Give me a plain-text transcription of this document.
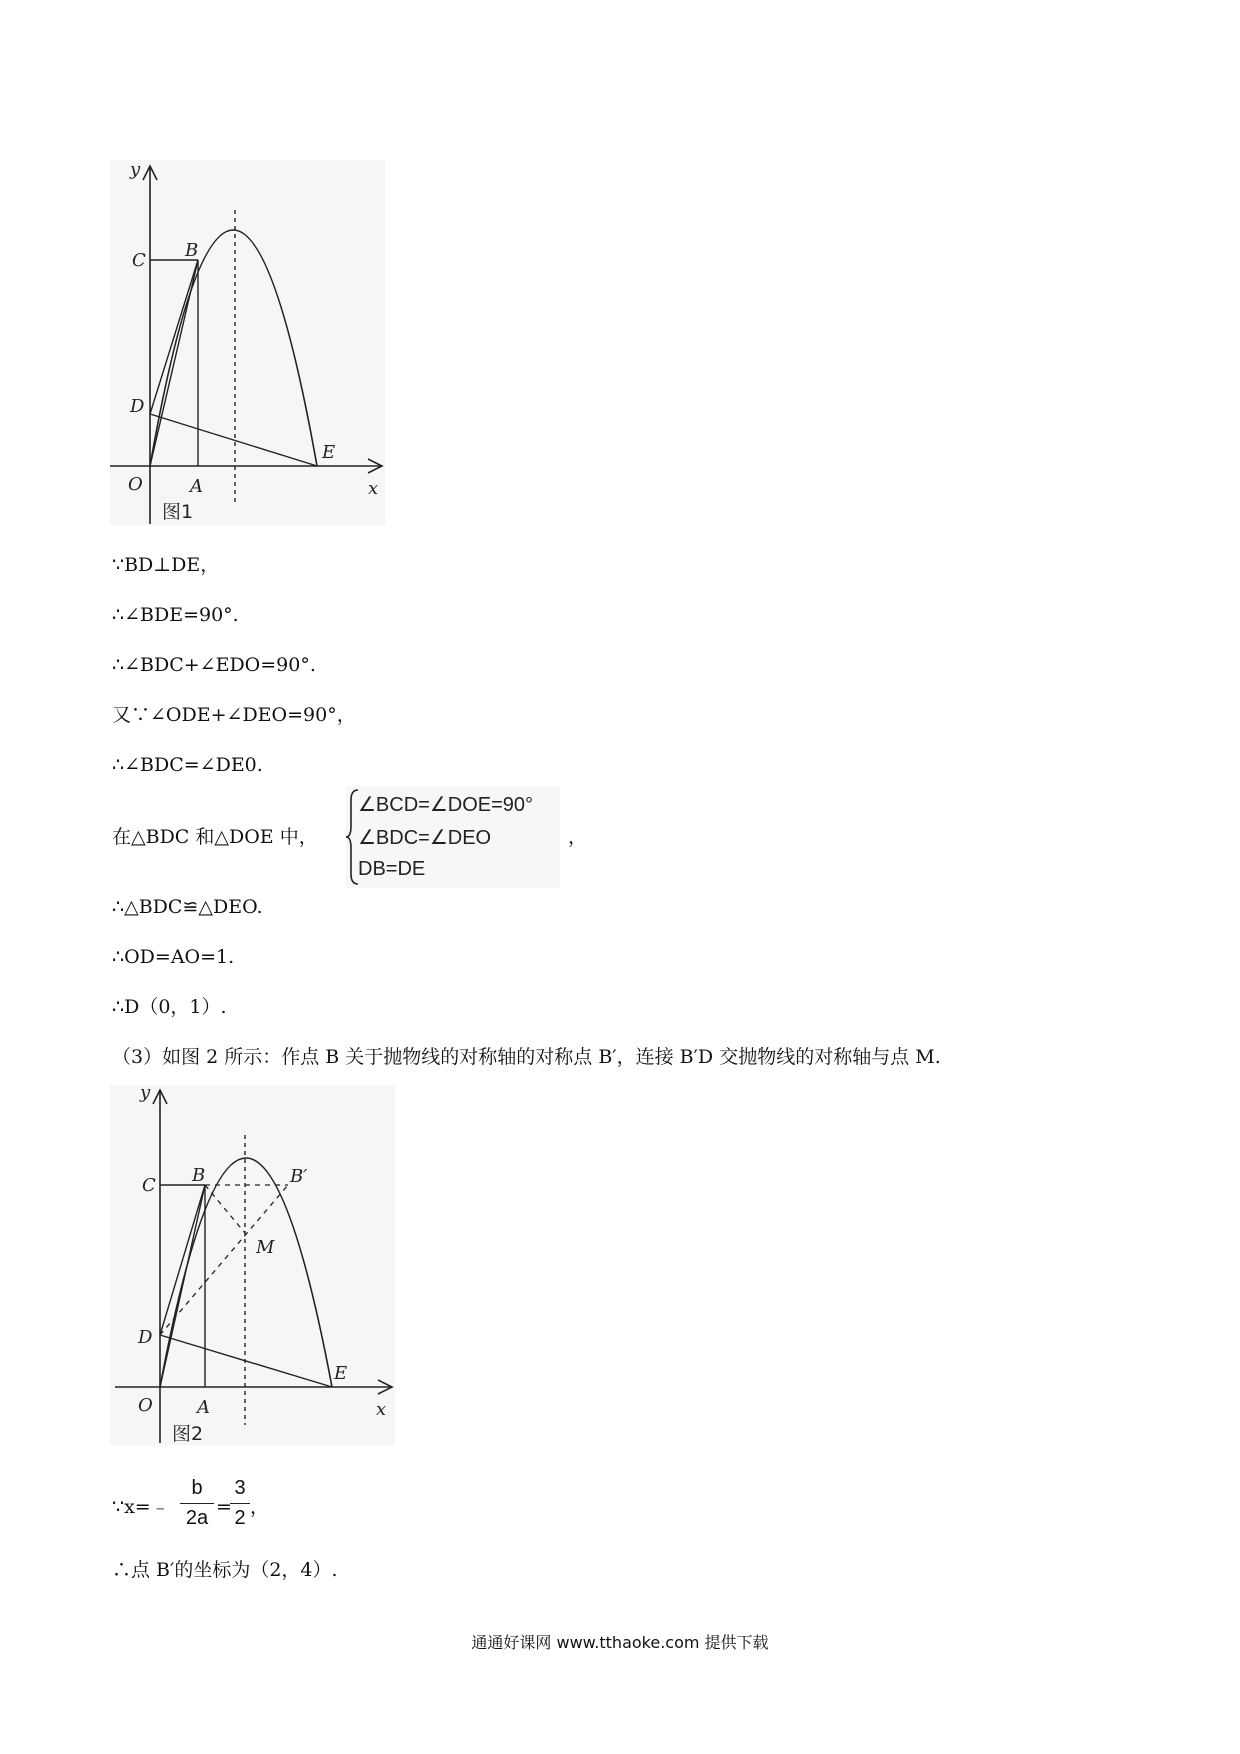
y
x
O	A
B
C
D
E
图1
∵BD⊥DE，
∴∠BDE=90°.
∴∠BDC+∠EDO=90°.
又∵∠ODE+∠DEO=90°，
∴∠BDC=∠DE0.
在△BDC 和△DOE 中，
∠BCD=∠DOE=90°
∠BDC=∠DEO
DB=DE
，
∴△BDC≌△DEO.
∴OD=AO=1.
∴D（0，1）.
（3）如图 2 所示：作点 B 关于抛物线的对称轴的对称点 B′，连接 B′D 交抛物线的对称轴与点 M.
y
x
O A
B	B′
C
D
E
M
图2
∵x=﹣
b
2a =
3
2 ，
∴点 B′的坐标为（2，4）.
通通好课网 www.tthaoke.com 提供下载
